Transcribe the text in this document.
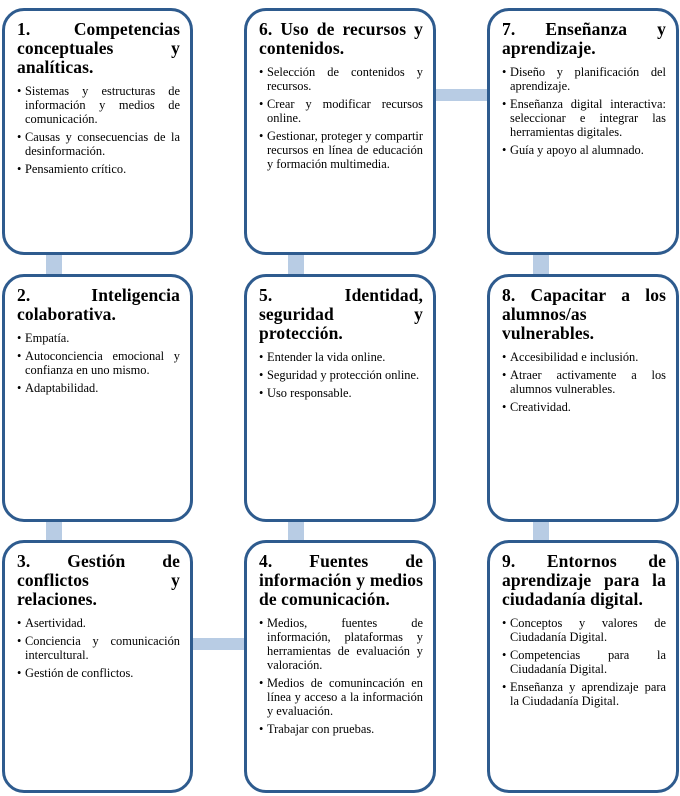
1. Competencias conceptuales y analíticas.
• Sistemas y estructuras de información y medios de comunicación.
• Causas y consecuencias de la desinformación.
• Pensamiento crítico.
6. Uso de recursos y contenidos.
• Selección de contenidos y recursos.
• Crear y modificar recursos online.
• Gestionar, proteger y compartir recursos en línea de educación y formación multimedia.
7. Enseñanza y aprendizaje.
• Diseño y planificación del aprendizaje.
• Enseñanza digital interactiva: seleccionar e integrar las herramientas digitales.
• Guía y apoyo al alumnado.
2. Inteligencia colaborativa.
• Empatía.
• Autoconciencia emocional y confianza en uno mismo.
• Adaptabilidad.
5. Identidad, seguridad y protección.
• Entender la vida online.
• Seguridad y protección online.
• Uso responsable.
8. Capacitar a los alumnos/as vulnerables.
• Accesibilidad e inclusión.
• Atraer activamente a los alumnos vulnerables.
• Creatividad.
3. Gestión de conflictos y relaciones.
• Asertividad.
• Conciencia y comunicación intercultural.
• Gestión de conflictos.
4. Fuentes de información y medios de comunicación.
• Medios, fuentes de información, plataformas y herramientas de evaluación y valoración.
• Medios de comunincación en línea y acceso a la información y evaluación.
• Trabajar con pruebas.
9. Entornos de aprendizaje para la ciudadanía digital.
• Conceptos y valores de Ciudadanía Digital.
• Competencias para la Ciudadanía Digital.
• Enseñanza y aprendizaje para la Ciudadanía Digital.
